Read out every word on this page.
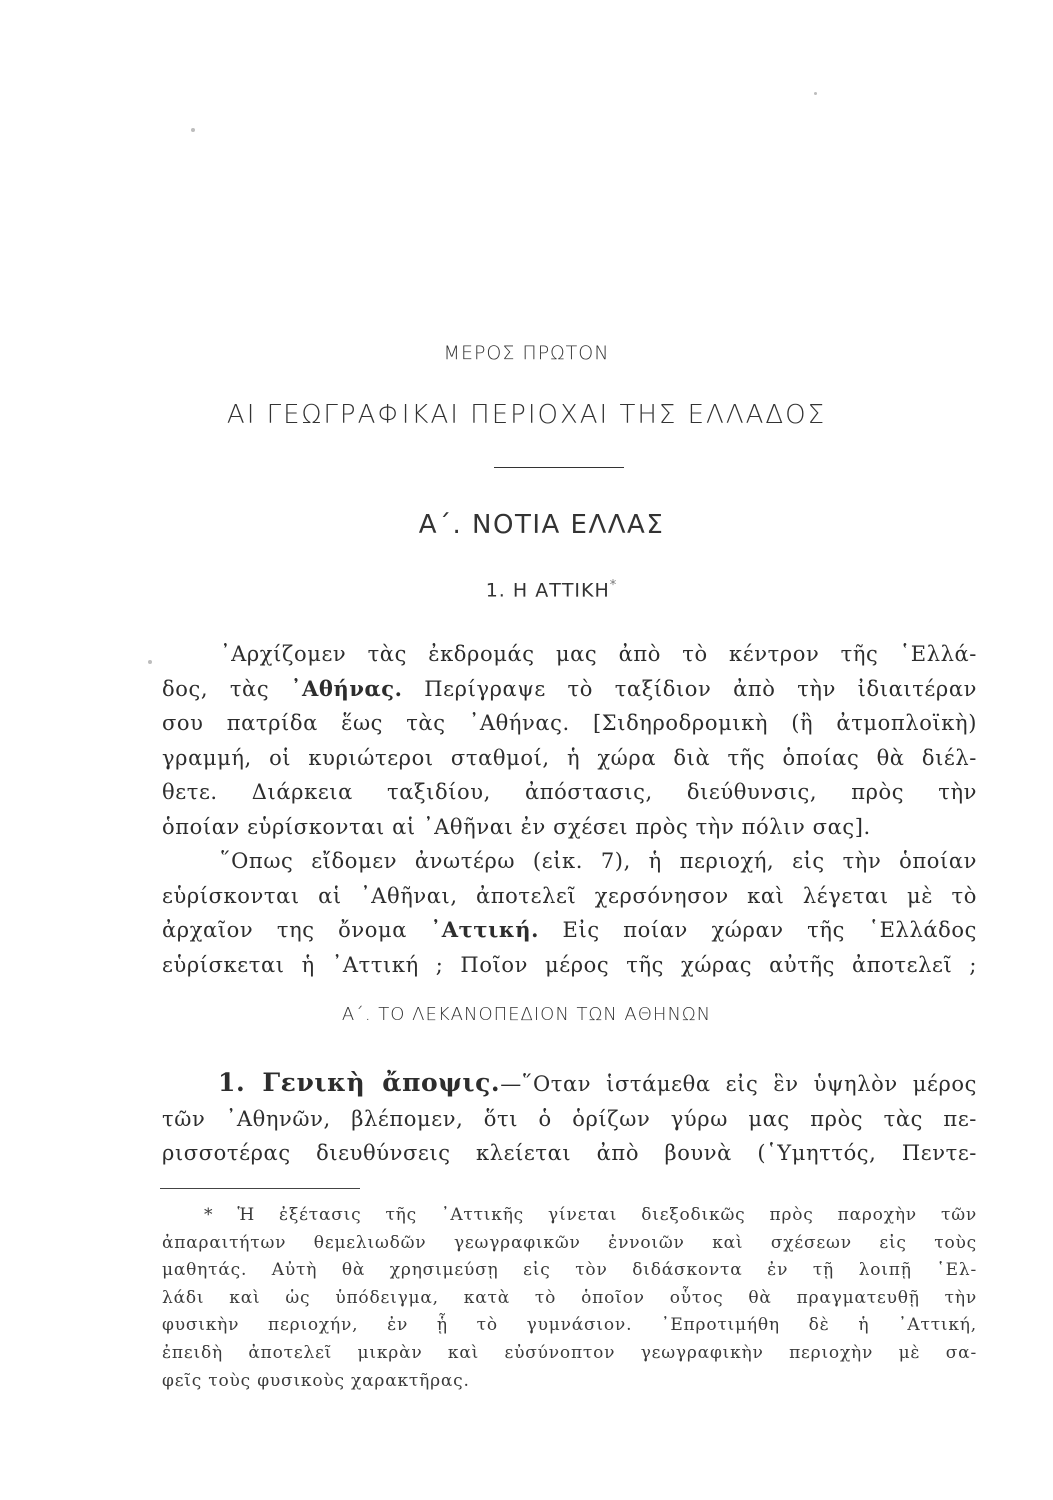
ΜΕΡΟΣ ΠΡΩΤΟΝ
ΑΙ ΓΕΩΓΡΑΦΙΚΑΙ ΠΕΡΙΟΧΑΙ ΤΗΣ ΕΛΛΑΔΟΣ
Α΄. ΝΟΤΙΑ ΕΛΛΑΣ
1. Η ΑΤΤΙΚΗ*
᾿Αρχίζομεν τὰς ἐκδρομάς μας ἀπὸ τὸ κέντρον τῆς ῾Ελλά-
δος, τὰς ᾿Αθήνας. Περίγραψε τὸ ταξίδιον ἀπὸ τὴν ἰδιαιτέραν
σου πατρίδα ἕως τὰς ᾿Αθήνας. [Σιδηροδρομικὴ (ἢ ἀτμοπλοϊκὴ)
γραμμή, οἱ κυριώτεροι σταθμοί, ἡ χώρα διὰ τῆς ὁποίας θὰ διέλ-
θετε. Διάρκεια ταξιδίου, ἀπόστασις, διεύθυνσις, πρὸς τὴν
ὁποίαν εὑρίσκονται αἱ ᾿Αθῆναι ἐν σχέσει πρὸς τὴν πόλιν σας].
῞Οπως εἴδομεν ἀνωτέρω (εἰκ. 7), ἡ περιοχή, εἰς τὴν ὁποίαν
εὑρίσκονται αἱ ᾿Αθῆναι, ἀποτελεῖ χερσόνησον καὶ λέγεται μὲ τὸ
ἀρχαῖον της ὄνομα ᾿Αττική. Εἰς ποίαν χώραν τῆς ῾Ελλάδος
εὑρίσκεται ἡ ᾿Αττική ; Ποῖον μέρος τῆς χώρας αὐτῆς ἀποτελεῖ ;
Α΄. ΤΟ ΛΕΚΑΝΟΠΕΔΙΟΝ ΤΩΝ ΑΘΗΝΩΝ
1. Γενικὴ ἄποψις.—῞Οταν ἱστάμεθα εἰς ἓν ὑψηλὸν μέρος
τῶν ᾿Αθηνῶν, βλέπομεν, ὅτι ὁ ὁρίζων γύρω μας πρὸς τὰς πε-
ρισσοτέρας διευθύνσεις κλείεται ἀπὸ βουνὰ (῾Υμηττός, Πεντε-
* Ἡ ἐξέτασις τῆς ᾿Αττικῆς γίνεται διεξοδικῶς πρὸς παροχὴν τῶν
ἀπαραιτήτων θεμελιωδῶν γεωγραφικῶν ἐννοιῶν καὶ σχέσεων εἰς τοὺς
μαθητάς. Αὐτὴ θὰ χρησιμεύσῃ εἰς τὸν διδάσκοντα ἐν τῇ λοιπῇ ῾Ελ-
λάδι καὶ ὡς ὑπόδειγμα, κατὰ τὸ ὁποῖον οὗτος θὰ πραγματευθῇ τὴν
φυσικὴν περιοχήν, ἐν ᾗ τὸ γυμνάσιον. ᾿Επροτιμήθη δὲ ἡ ᾿Αττική,
ἐπειδὴ ἀποτελεῖ μικρὰν καὶ εὐσύνοπτον γεωγραφικὴν περιοχὴν μὲ σα-
φεῖς τοὺς φυσικοὺς χαρακτῆρας.
